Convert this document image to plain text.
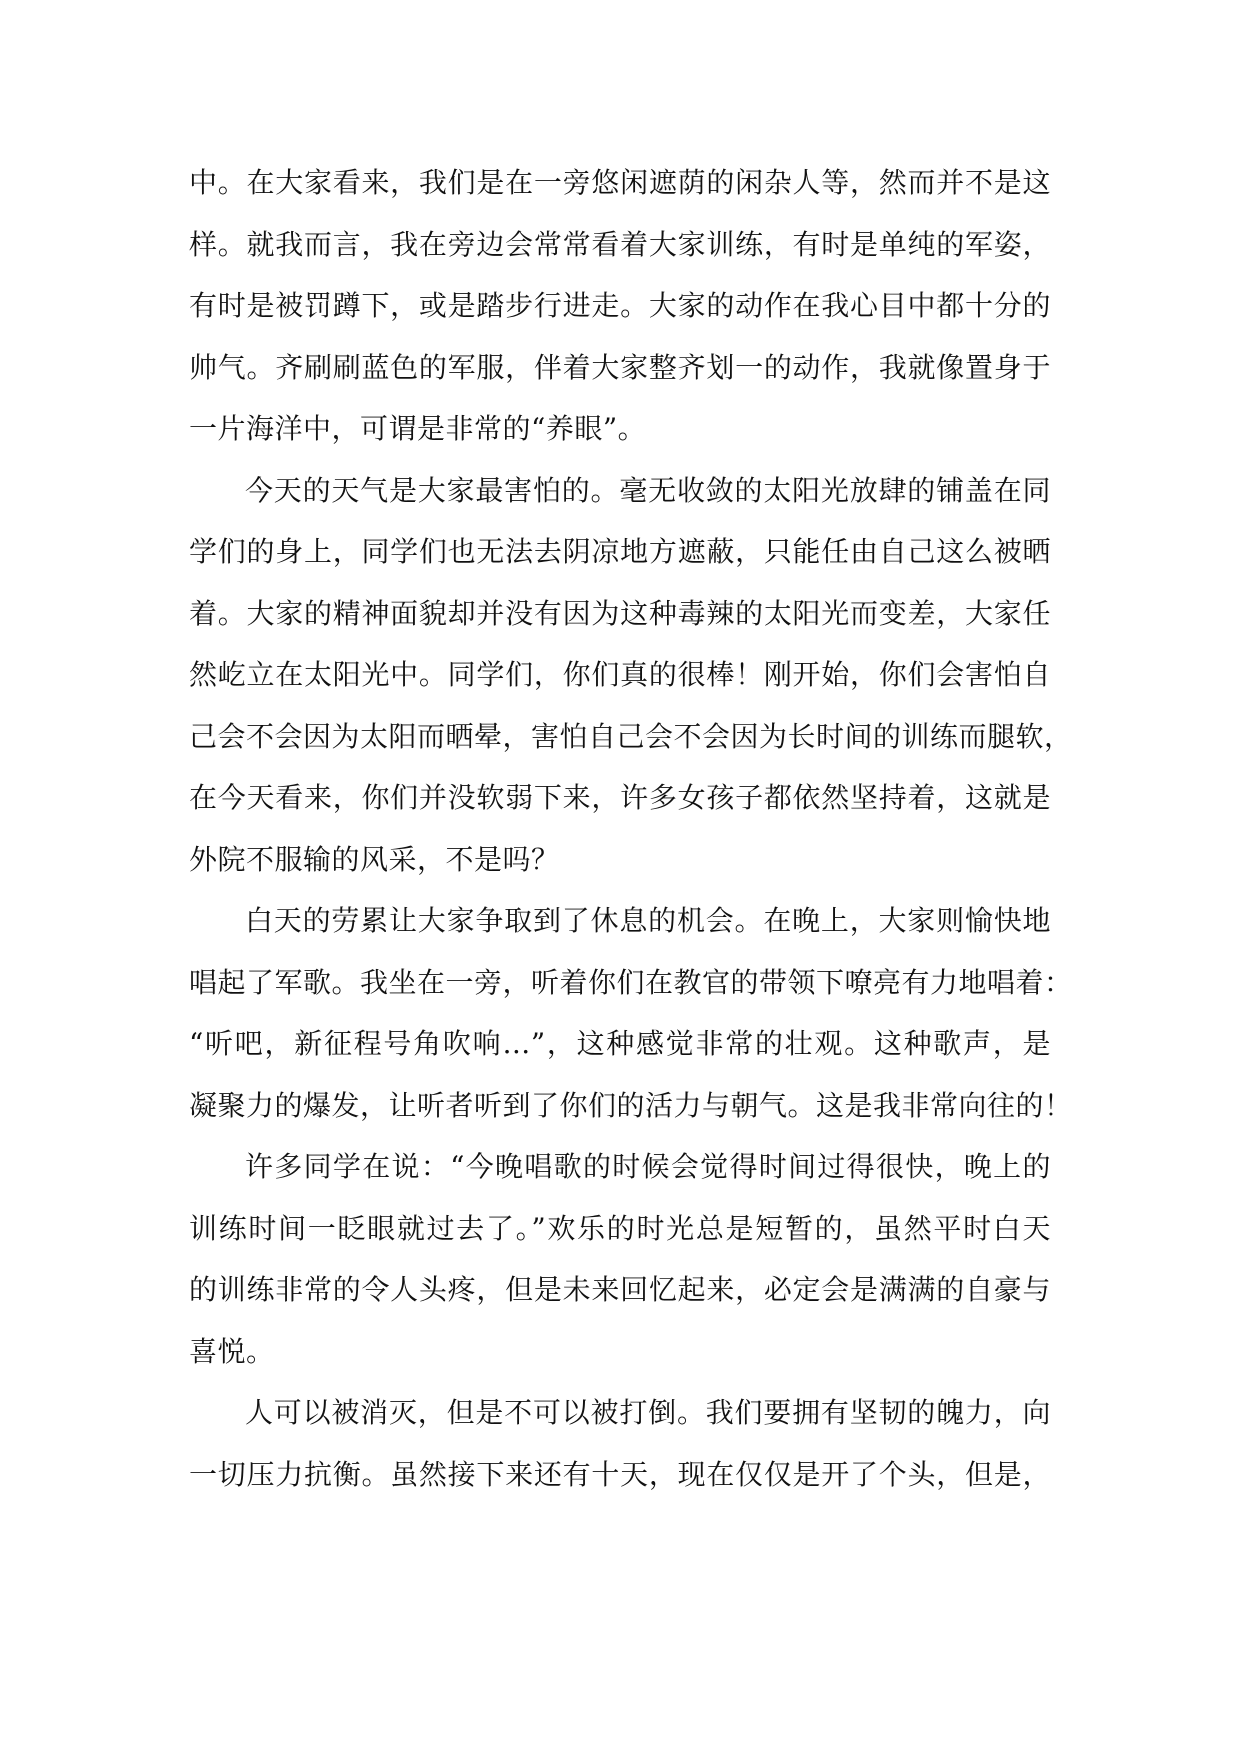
中。在大家看来，我们是在一旁悠闲遮荫的闲杂人等，然而并不是这
样。就我而言，我在旁边会常常看着大家训练，有时是单纯的军姿，
有时是被罚蹲下，或是踏步行进走。大家的动作在我心目中都十分的
帅气。齐刷刷蓝色的军服，伴着大家整齐划一的动作，我就像置身于
一片海洋中，可谓是非常的“养眼”。
今天的天气是大家最害怕的。毫无收敛的太阳光放肆的铺盖在同
学们的身上，同学们也无法去阴凉地方遮蔽，只能任由自己这么被晒
着。大家的精神面貌却并没有因为这种毒辣的太阳光而变差，大家任
然屹立在太阳光中。同学们，你们真的很棒！刚开始，你们会害怕自
己会不会因为太阳而晒晕，害怕自己会不会因为长时间的训练而腿软，
在今天看来，你们并没软弱下来，许多女孩子都依然坚持着，这就是
外院不服输的风采，不是吗？
白天的劳累让大家争取到了休息的机会。在晚上，大家则愉快地
唱起了军歌。我坐在一旁，听着你们在教官的带领下嘹亮有力地唱着：
“听吧，新征程号角吹响…”，这种感觉非常的壮观。这种歌声，是
凝聚力的爆发，让听者听到了你们的活力与朝气。这是我非常向往的！
许多同学在说：“今晚唱歌的时候会觉得时间过得很快，晚上的
训练时间一眨眼就过去了。”欢乐的时光总是短暂的，虽然平时白天
的训练非常的令人头疼，但是未来回忆起来，必定会是满满的自豪与
喜悦。
人可以被消灭，但是不可以被打倒。我们要拥有坚韧的魄力，向
一切压力抗衡。虽然接下来还有十天，现在仅仅是开了个头，但是，
